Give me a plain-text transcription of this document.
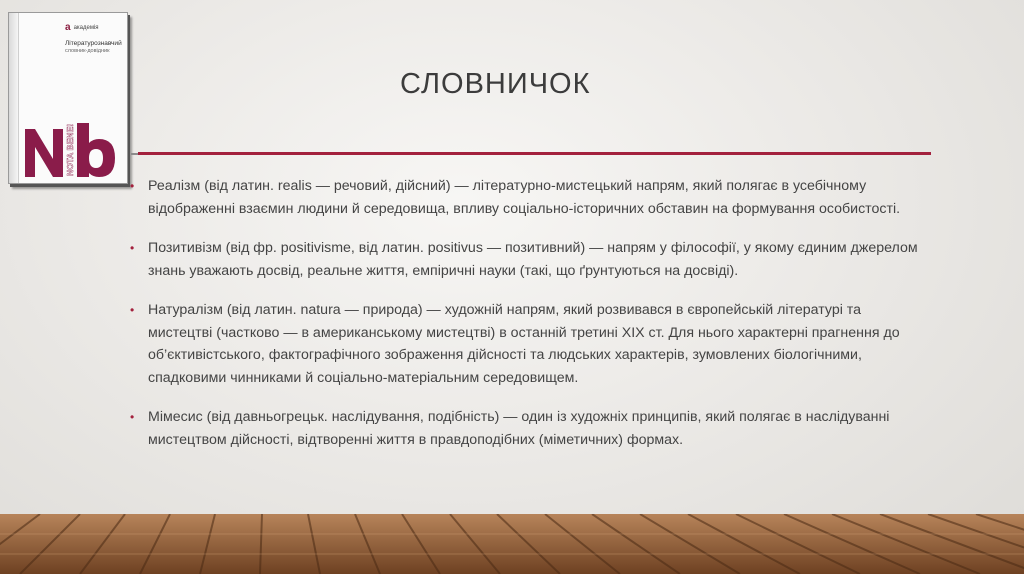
a академія
Літературознавчий
словник-довідник
NOTA BENE!
СЛОВНИЧОК
• Реалізм (від латин. realis — речовий, дійсний) — літературно-мистецький напрям, який полягає в усебічному відображенні взаємин людини й середовища, впливу соціально-історичних обставин на формування особистості.
• Позитивізм (від фр. positivisme, від латин. positivus — позитивний) — напрям у філософії, у якому єдиним джерелом знань уважають досвід, реальне життя, емпіричні науки (такі, що ґрунтуються на досвіді).
• Натуралізм (від латин. natura — природа) — художній напрям, який розвивався в європейській літературі та мистецтві (частково — в американському мистецтві) в останній третині XIX ст. Для нього характерні прагнення до об’єктивістського, фактографічного зображення дійсності та людських характерів, зумовлених біологічними, спадковими чинниками й соціально-матеріальним середовищем.
• Мімесис (від давньогрецьк. наслідування, подібність) — один із художніх принципів, який полягає в наслідуванні мистецтвом дійсності, відтворенні життя в правдоподібних (міметичних) формах.
